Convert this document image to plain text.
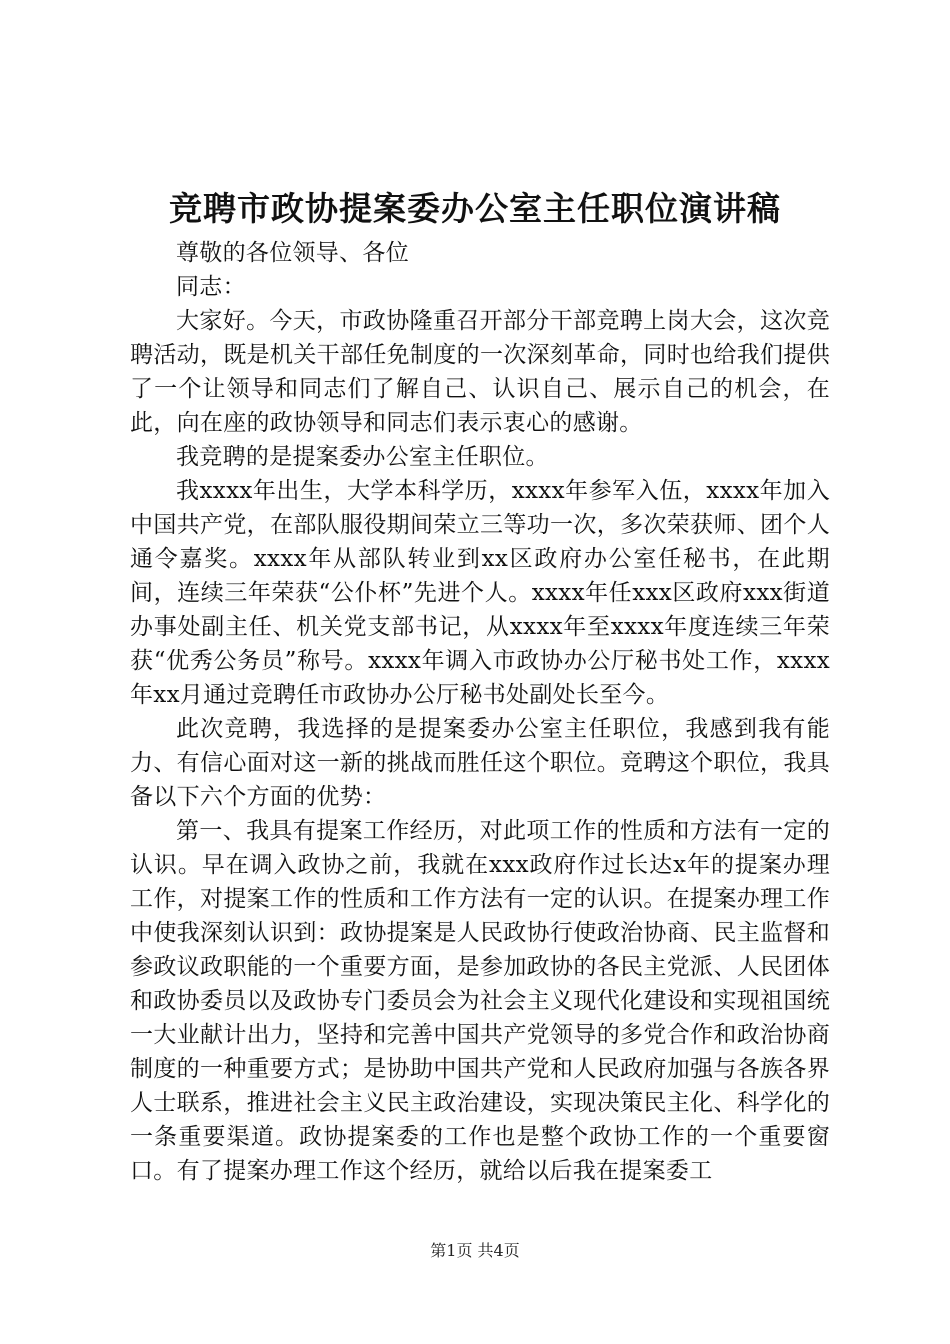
竞聘市政协提案委办公室主任职位演讲稿

尊敬的各位领导、各位

同志：

大家好。今天，市政协隆重召开部分干部竞聘上岗大会，这次竞聘活动，既是机关干部任免制度的一次深刻革命，同时也给我们提供了一个让领导和同志们了解自己、认识自己、展示自己的机会，在此，向在座的政协领导和同志们表示衷心的感谢。

我竞聘的是提案委办公室主任职位。

我xxxx年出生，大学本科学历，xxxx年参军入伍，xxxx年加入中国共产党，在部队服役期间荣立三等功一次，多次荣获师、团个人通令嘉奖。xxxx年从部队转业到xx区政府办公室任秘书，在此期间，连续三年荣获“公仆杯”先进个人。xxxx年任xxx区政府xxx街道办事处副主任、机关党支部书记，从xxxx年至xxxx年度连续三年荣获“优秀公务员”称号。xxxx年调入市政协办公厅秘书处工作，xxxx年xx月通过竞聘任市政协办公厅秘书处副处长至今。

此次竞聘，我选择的是提案委办公室主任职位，我感到我有能力、有信心面对这一新的挑战而胜任这个职位。竞聘这个职位，我具备以下六个方面的优势：

第一、我具有提案工作经历，对此项工作的性质和方法有一定的认识。早在调入政协之前，我就在xxx政府作过长达x年的提案办理工作，对提案工作的性质和工作方法有一定的认识。在提案办理工作中使我深刻认识到：政协提案是人民政协行使政治协商、民主监督和参政议政职能的一个重要方面，是参加政协的各民主党派、人民团体和政协委员以及政协专门委员会为社会主义现代化建设和实现祖国统一大业献计出力，坚持和完善中国共产党领导的多党合作和政治协商制度的一种重要方式；是协助中国共产党和人民政府加强与各族各界人士联系，推进社会主义民主政治建设，实现决策民主化、科学化的一条重要渠道。政协提案委的工作也是整个政协工作的一个重要窗口。有了提案办理工作这个经历，就给以后我在提案委工

第1页 共4页
